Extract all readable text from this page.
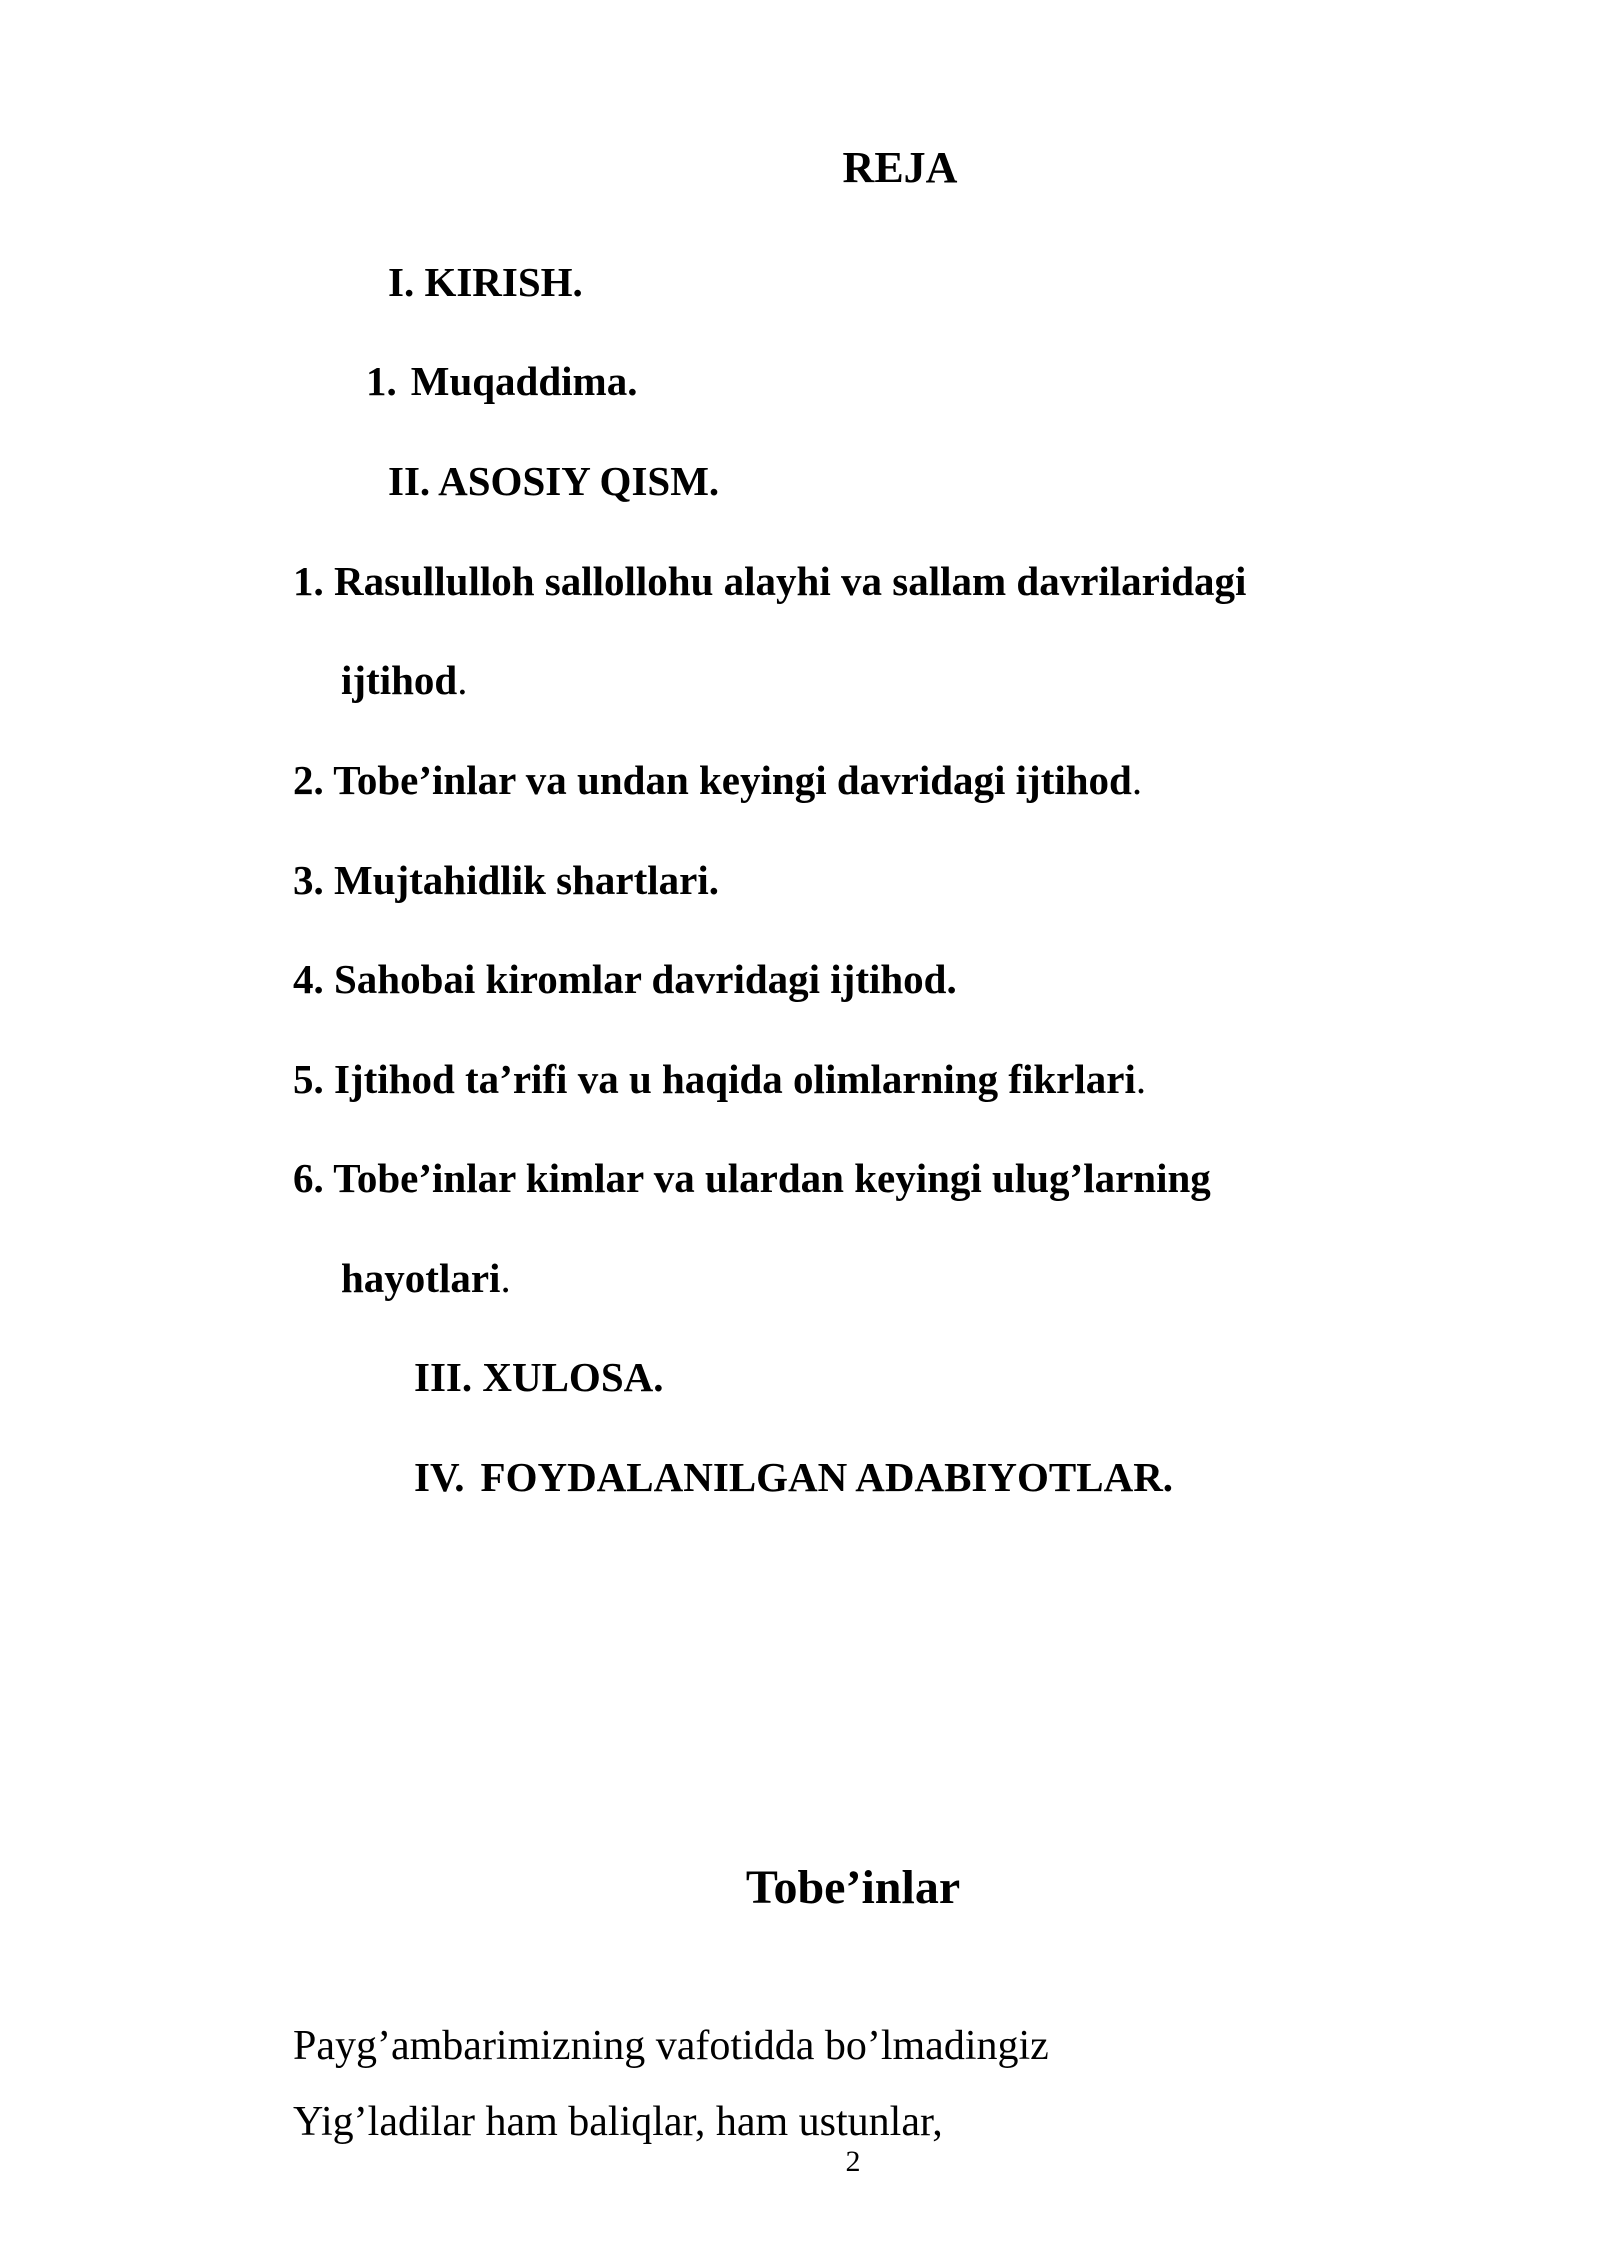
REJA
I. KIRISH.
1. Muqaddima.
II. ASOSIY QISM.
1. Rasullulloh sallollohu alayhi va sallam davrilaridagi
ijtihod.
2. Tobe’inlar va undan keyingi davridagi ijtihod.
3. Mujtahidlik shartlari.
4. Sahobai kiromlar davridagi ijtihod.
5. Ijtihod ta’rifi va u haqida olimlarning fikrlari.
6. Tobe’inlar kimlar va ulardan keyingi ulug’larning
hayotlari.
III. XULOSA.
IV. FOYDALANILGAN ADABIYOTLAR.
Tobe’inlar
Payg’ambarimizning vafotidda bo’lmadingiz
Yig’ladilar ham baliqlar, ham ustunlar,
2
